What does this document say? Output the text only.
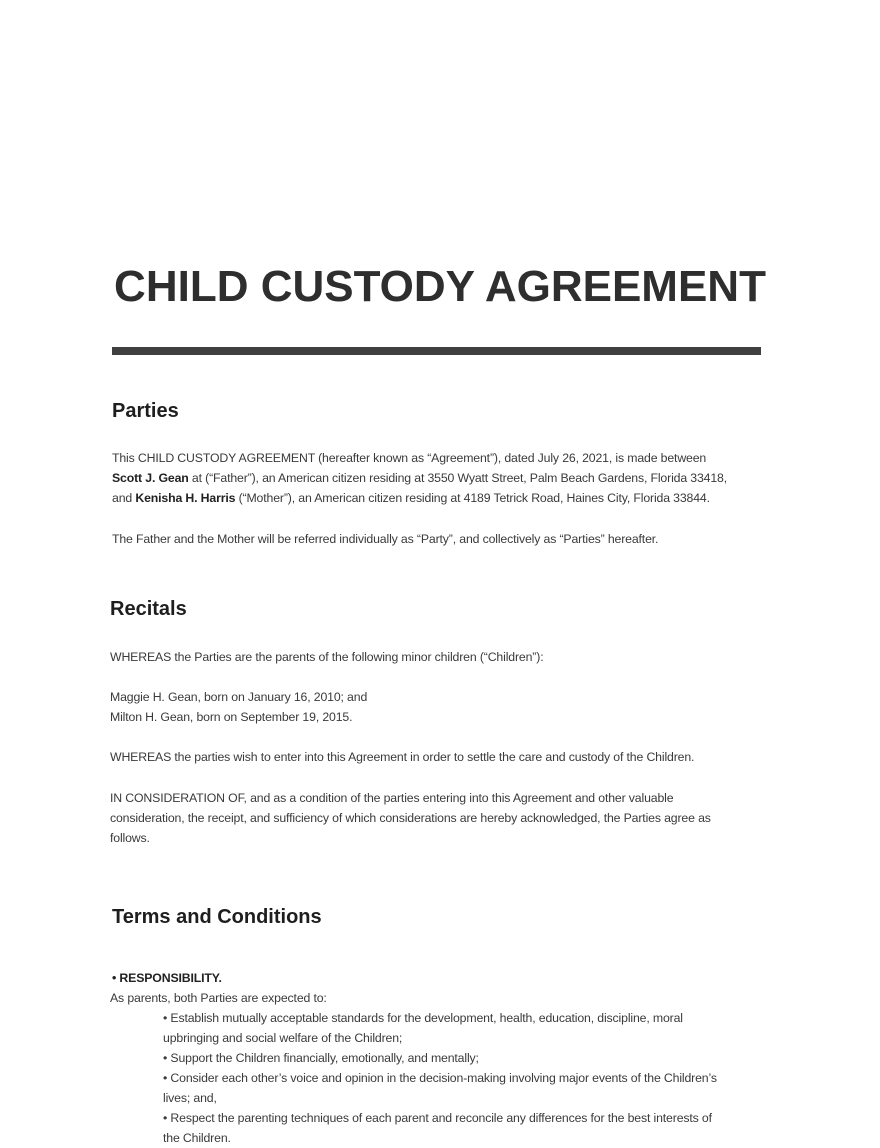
CHILD CUSTODY AGREEMENT
Parties
This CHILD CUSTODY AGREEMENT (hereafter known as “Agreement”), dated July 26, 2021, is made between
Scott J. Gean at (“Father”), an American citizen residing at 3550 Wyatt Street, Palm Beach Gardens, Florida 33418,
and Kenisha H. Harris (“Mother”), an American citizen residing at 4189 Tetrick Road, Haines City, Florida 33844.
The Father and the Mother will be referred individually as “Party”, and collectively as “Parties” hereafter.
Recitals
WHEREAS the Parties are the parents of the following minor children (“Children”):
Maggie H. Gean, born on January 16, 2010; and
Milton H. Gean, born on September 19, 2015.
WHEREAS the parties wish to enter into this Agreement in order to settle the care and custody of the Children.
IN CONSIDERATION OF, and as a condition of the parties entering into this Agreement and other valuable
consideration, the receipt, and sufficiency of which considerations are hereby acknowledged, the Parties agree as
follows.
Terms and Conditions
• RESPONSIBILITY.
As parents, both Parties are expected to:
• Establish mutually acceptable standards for the development, health, education, discipline, moral
upbringing and social welfare of the Children;
• Support the Children financially, emotionally, and mentally;
• Consider each other’s voice and opinion in the decision-making involving major events of the Children’s
lives; and,
• Respect the parenting techniques of each parent and reconcile any differences for the best interests of
the Children.
